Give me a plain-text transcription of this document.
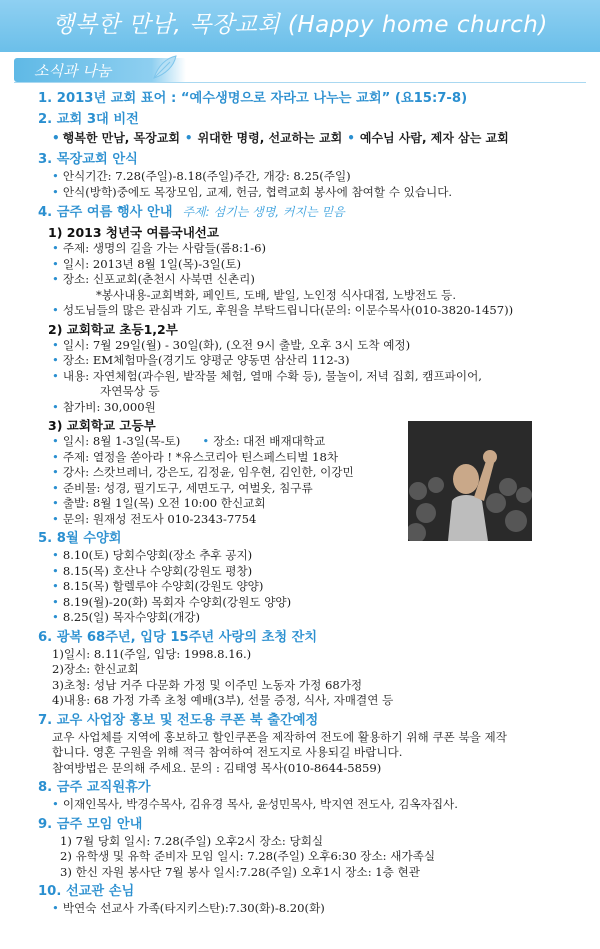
행복한 만남, 목장교회 (Happy home church)
소식과 나눔
1. 2013년 교회 표어 : “예수생명으로 자라고 나누는 교회” (요15:7-8)
2. 교회 3대 비전
• 행복한 만남, 목장교회 • 위대한 명령, 선교하는 교회 • 예수님 사람, 제자 삼는 교회
3. 목장교회 안식
• 안식기간: 7.28(주일)-8.18(주일)주간, 개강: 8.25(주일)
• 안식(방학)중에도 목장모임, 교제, 헌금, 협력교회 봉사에 참여할 수 있습니다.
4. 금주 여름 행사 안내 주제: 섬기는 생명, 커지는 믿음
1) 2013 청년국 여름국내선교
• 주제: 생명의 길을 가는 사람들(롬8:1-6)
• 일시: 2013년 8월 1일(목)-3일(토)
• 장소: 신포교회(춘천시 사북면 신촌리)
*봉사내용-교회벽화, 페인트, 도배, 밭일, 노인정 식사대접, 노방전도 등.
• 성도님들의 많은 관심과 기도, 후원을 부탁드립니다(문의: 이문수목사(010-3820-1457))
2) 교회학교 초등1,2부
• 일시: 7월 29일(월) - 30일(화), (오전 9시 출발, 오후 3시 도착 예정)
• 장소: EM체험마을(경기도 양평군 양동면 삼산리 112-3)
• 내용: 자연체험(과수원, 밭작물 체험, 열매 수확 등), 물놀이, 저녁 집회, 캠프파이어,
자연묵상 등
• 참가비: 30,000원
3) 교회학교 고등부
• 일시: 8월 1-3일(목-토) • 장소: 대전 배재대학교
• 주제: 열정을 쏟아라 ! *유스코리아 틴스페스티벌 18차
• 강사: 스캇브레너, 강은도, 김정윤, 임우현, 김인한, 이강민
• 준비물: 성경, 필기도구, 세면도구, 여벌옷, 침구류
• 출발: 8월 1일(목) 오전 10:00 한신교회
• 문의: 원재성 전도사 010-2343-7754
5. 8월 수양회
• 8.10(토) 당회수양회(장소 추후 공지)
• 8.15(목) 호산나 수양회(강원도 평창)
• 8.15(목) 할렐루야 수양회(강원도 양양)
• 8.19(월)-20(화) 목회자 수양회(강원도 양양)
• 8.25(일) 목자수양회(개강)
6. 광복 68주년, 입당 15주년 사랑의 초청 잔치
1)일시: 8.11(주일, 입당: 1998.8.16.)
2)장소: 한신교회
3)초청: 성남 거주 다문화 가정 및 이주민 노동자 가정 68가정
4)내용: 68 가정 가족 초청 예배(3부), 선물 증정, 식사, 자매결연 등
7. 교우 사업장 홍보 및 전도용 쿠폰 북 출간예정
교우 사업체를 지역에 홍보하고 할인쿠폰을 제작하여 전도에 활용하기 위해 쿠폰 북을 제작
합니다. 영혼 구원을 위해 적극 참여하여 전도지로 사용되길 바랍니다.
참여방법은 문의해 주세요. 문의 : 김태영 목사(010-8644-5859)
8. 금주 교직원휴가
• 이재인목사, 박경수목사, 김유경 목사, 윤성민목사, 박지연 전도사, 김옥자집사.
9. 금주 모임 안내
1) 7월 당회 일시: 7.28(주일) 오후2시 장소: 당회실
2) 유학생 및 유학 준비자 모임 일시: 7.28(주일) 오후6:30 장소: 새가족실
3) 한신 자원 봉사단 7월 봉사 일시:7.28(주일) 오후1시 장소: 1층 현관
10. 선교관 손님
• 박연숙 선교사 가족(타지키스탄):7.30(화)-8.20(화)
